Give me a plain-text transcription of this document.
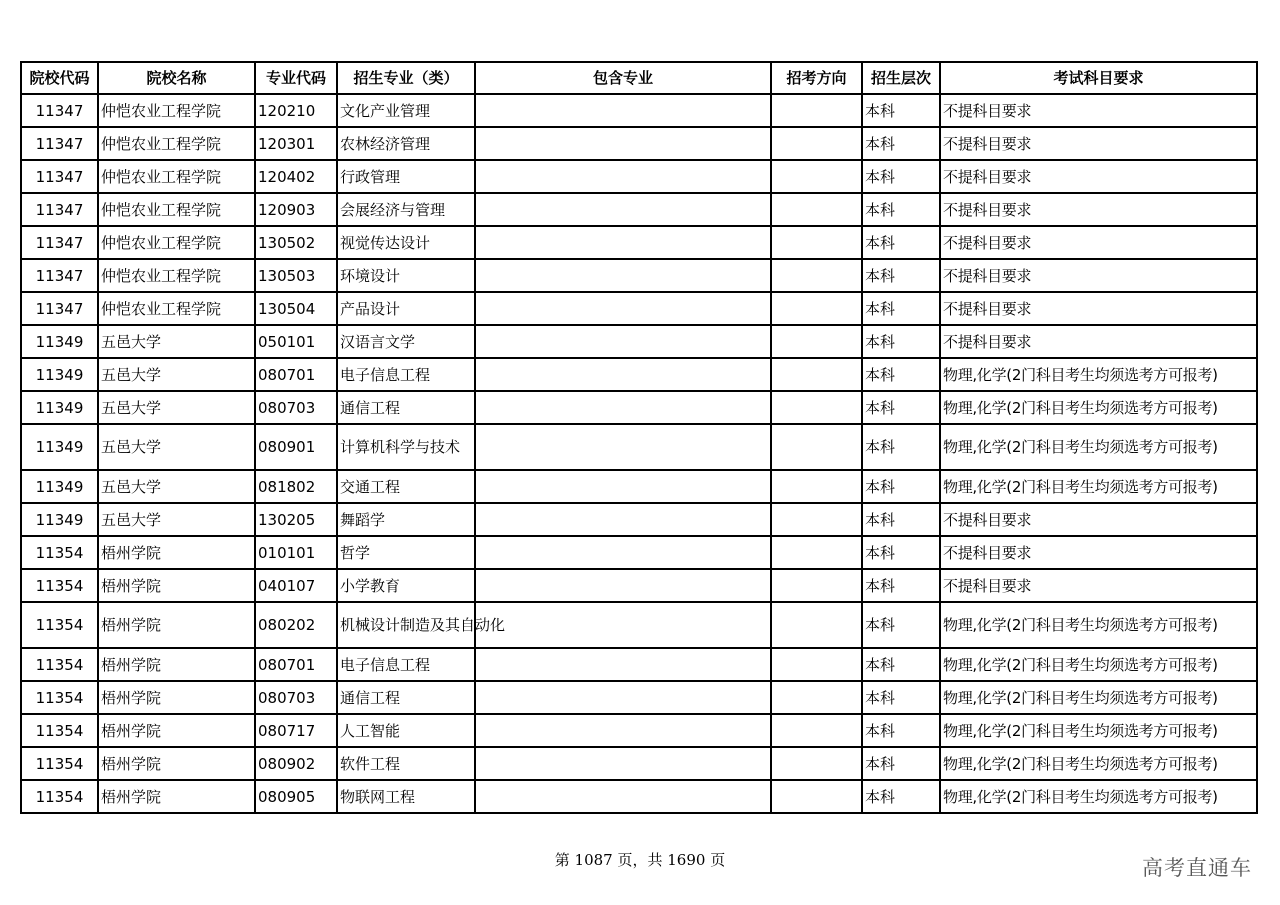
院校代码	院校名称	专业代码	招生专业（类）	包含专业	招考方向	招生层次	考试科目要求
11347	仲恺农业工程学院	120210	文化产业管理			本科	不提科目要求
11347	仲恺农业工程学院	120301	农林经济管理			本科	不提科目要求
11347	仲恺农业工程学院	120402	行政管理			本科	不提科目要求
11347	仲恺农业工程学院	120903	会展经济与管理			本科	不提科目要求
11347	仲恺农业工程学院	130502	视觉传达设计			本科	不提科目要求
11347	仲恺农业工程学院	130503	环境设计			本科	不提科目要求
11347	仲恺农业工程学院	130504	产品设计			本科	不提科目要求
11349	五邑大学	050101	汉语言文学			本科	不提科目要求
11349	五邑大学	080701	电子信息工程			本科	物理,化学(2门科目考生均须选考方可报考)
11349	五邑大学	080703	通信工程			本科	物理,化学(2门科目考生均须选考方可报考)
11349	五邑大学	080901	计算机科学与技术			本科	物理,化学(2门科目考生均须选考方可报考)
11349	五邑大学	081802	交通工程			本科	物理,化学(2门科目考生均须选考方可报考)
11349	五邑大学	130205	舞蹈学			本科	不提科目要求
11354	梧州学院	010101	哲学			本科	不提科目要求
11354	梧州学院	040107	小学教育			本科	不提科目要求
11354	梧州学院	080202	机械设计制造及其自动化			本科	物理,化学(2门科目考生均须选考方可报考)
11354	梧州学院	080701	电子信息工程			本科	物理,化学(2门科目考生均须选考方可报考)
11354	梧州学院	080703	通信工程			本科	物理,化学(2门科目考生均须选考方可报考)
11354	梧州学院	080717	人工智能			本科	物理,化学(2门科目考生均须选考方可报考)
11354	梧州学院	080902	软件工程			本科	物理,化学(2门科目考生均须选考方可报考)
11354	梧州学院	080905	物联网工程			本科	物理,化学(2门科目考生均须选考方可报考)
第 1087 页，共 1690 页	高考直通车
